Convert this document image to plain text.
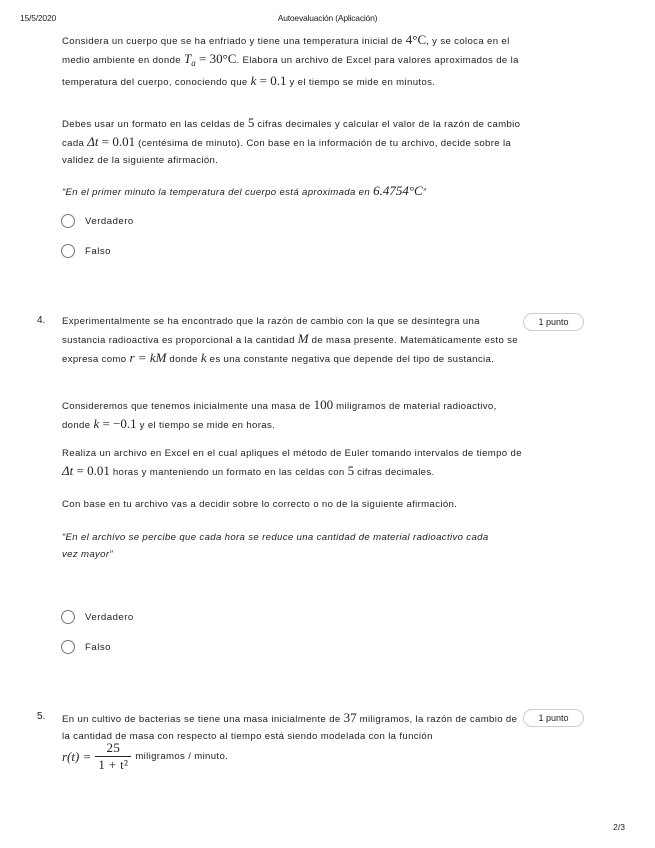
15/5/2020	Autoevaluación (Aplicación)

Considera un cuerpo que se ha enfriado y tiene una temperatura inicial de 4°C, y se coloca en el medio ambiente en donde $T_a = 30^\circ C$. Elabora un archivo de Excel para valores aproximados de la temperatura del cuerpo, conociendo que k = 0.1 y el tiempo se mide en minutos.

Debes usar un formato en las celdas de 5 cifras decimales y calcular el valor de la razón de cambio cada Δt = 0.01 (centésima de minuto). Con base en la información de tu archivo, decide sobre la validez de la siguiente afirmación.

“En el primer minuto la temperatura del cuerpo está aproximada en 6.4754°C”

Verdadero
Falso
4.	1 punto

Experimentalmente se ha encontrado que la razón de cambio con la que se desintegra una sustancia radioactiva es proporcional a la cantidad M de masa presente. Matemáticamente esto se expresa como r = kM donde k es una constante negativa que depende del tipo de sustancia.

Consideremos que tenemos inicialmente una masa de 100 miligramos de material radioactivo, donde k = −0.1 y el tiempo se mide en horas.

Realiza un archivo en Excel en el cual apliques el método de Euler tomando intervalos de tiempo de Δt = 0.01 horas y manteniendo un formato en las celdas con 5 cifras decimales.

Con base en tu archivo vas a decidir sobre lo correcto o no de la siguiente afirmación.

“En el archivo se percibe que cada hora se reduce una cantidad de material radioactivo cada vez mayor”

Verdadero
Falso
5.	1 punto

En un cultivo de bacterias se tiene una masa inicialmente de 37 miligramos, la razón de cambio de la cantidad de masa con respecto al tiempo está siendo modelada con la función

$r(t) = \frac{25}{\text{1 + t²}}$ miligramos / minuto.
2/3
